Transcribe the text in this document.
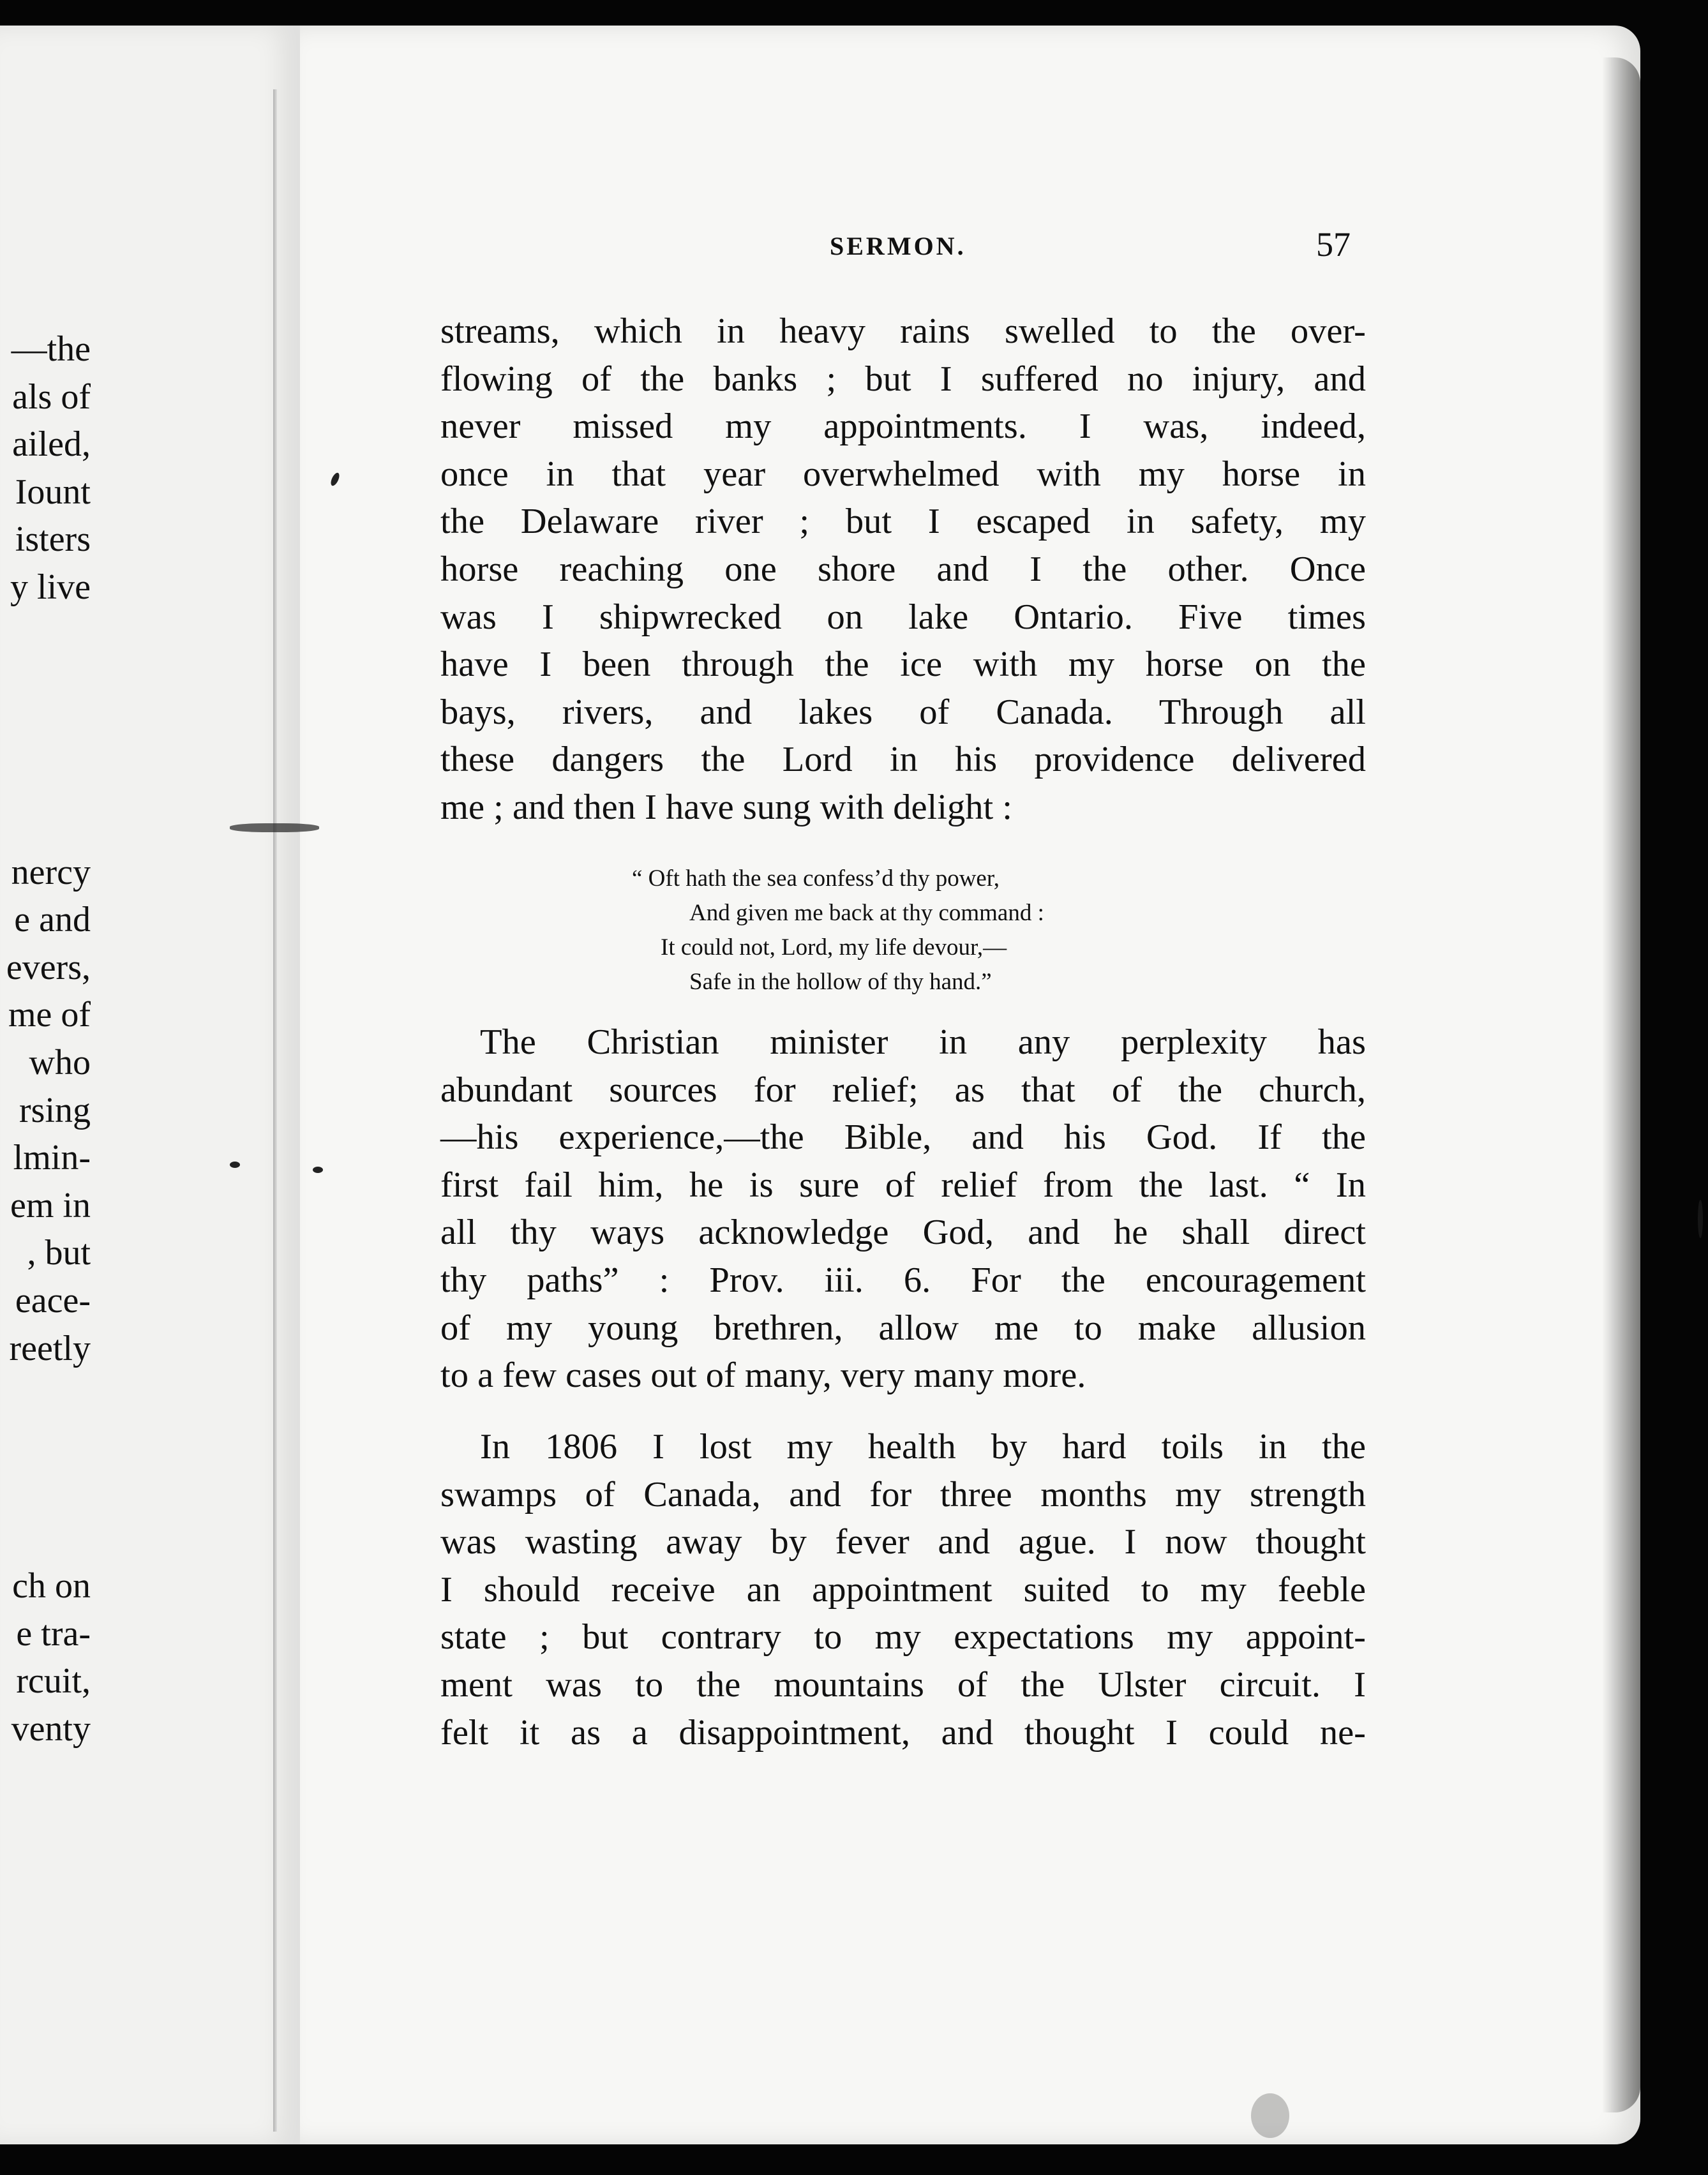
—the
als of
ailed,
Iount
isters
y live
nercy
e and
evers,
me of
who
rsing
lmin-
em in
, but
eace-
reetly
ch on
e tra-
rcuit,
venty
SERMON.	57
streams, which in heavy rains swelled to the over-
flowing of the banks ; but I suffered no injury, and
never missed my appointments. I was, indeed,
once in that year overwhelmed with my horse in
the Delaware river ; but I escaped in safety, my
horse reaching one shore and I the other. Once
was I shipwrecked on lake Ontario. Five times
have I been through the ice with my horse on the
bays, rivers, and lakes of Canada. Through all
these dangers the Lord in his providence delivered
me ; and then I have sung with delight :
“ Oft hath the sea confess’d thy power,
And given me back at thy command :
It could not, Lord, my life devour,—
Safe in the hollow of thy hand.”
The Christian minister in any perplexity has
abundant sources for relief; as that of the church,
—his experience,—the Bible, and his God. If the
first fail him, he is sure of relief from the last. “ In
all thy ways acknowledge God, and he shall direct
thy paths” : Prov. iii. 6. For the encouragement
of my young brethren, allow me to make allusion
to a few cases out of many, very many more.
In 1806 I lost my health by hard toils in the
swamps of Canada, and for three months my strength
was wasting away by fever and ague. I now thought
I should receive an appointment suited to my feeble
state ; but contrary to my expectations my appoint-
ment was to the mountains of the Ulster circuit. I
felt it as a disappointment, and thought I could ne-
